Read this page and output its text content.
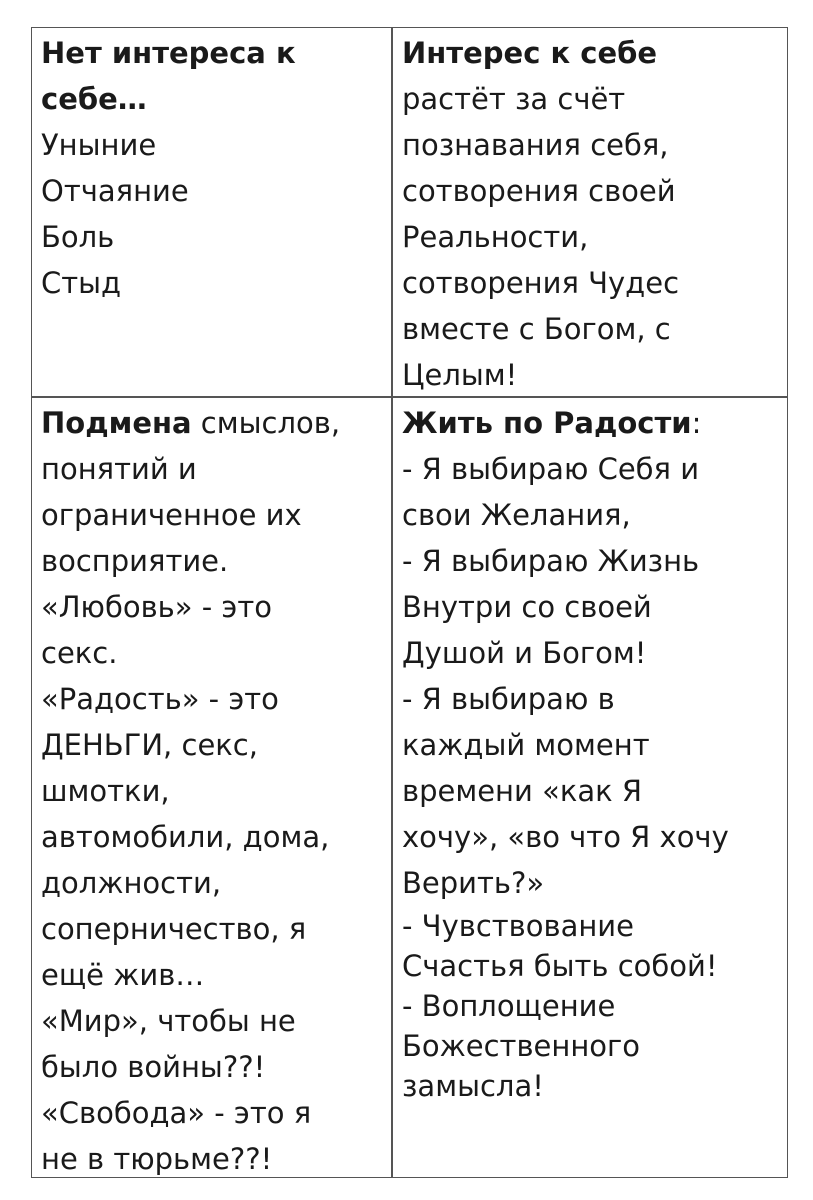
Нет интереса к
себе…
Уныние
Отчаяние
Боль
Стыд
Интерес к себе
растёт за счёт
познавания себя,
сотворения своей
Реальности,
сотворения Чудес
вместе с Богом, с
Целым!
Подмена смыслов,
понятий и
ограниченное их
восприятие.
«Любовь» - это
секс.
«Радость» - это
ДЕНЬГИ, секс,
шмотки,
автомобили, дома,
должности,
соперничество, я
ещё жив…
«Мир», чтобы не
было войны??!
«Свобода» - это я
не в тюрьме??!
Жить по Радости:
- Я выбираю Себя и
свои Желания,
- Я выбираю Жизнь
Внутри со своей
Душой и Богом!
- Я выбираю в
каждый момент
времени «как Я
хочу», «во что Я хочу
Верить?»
- Чувствование
Счастья быть собой!
- Воплощение
Божественного
замысла!
